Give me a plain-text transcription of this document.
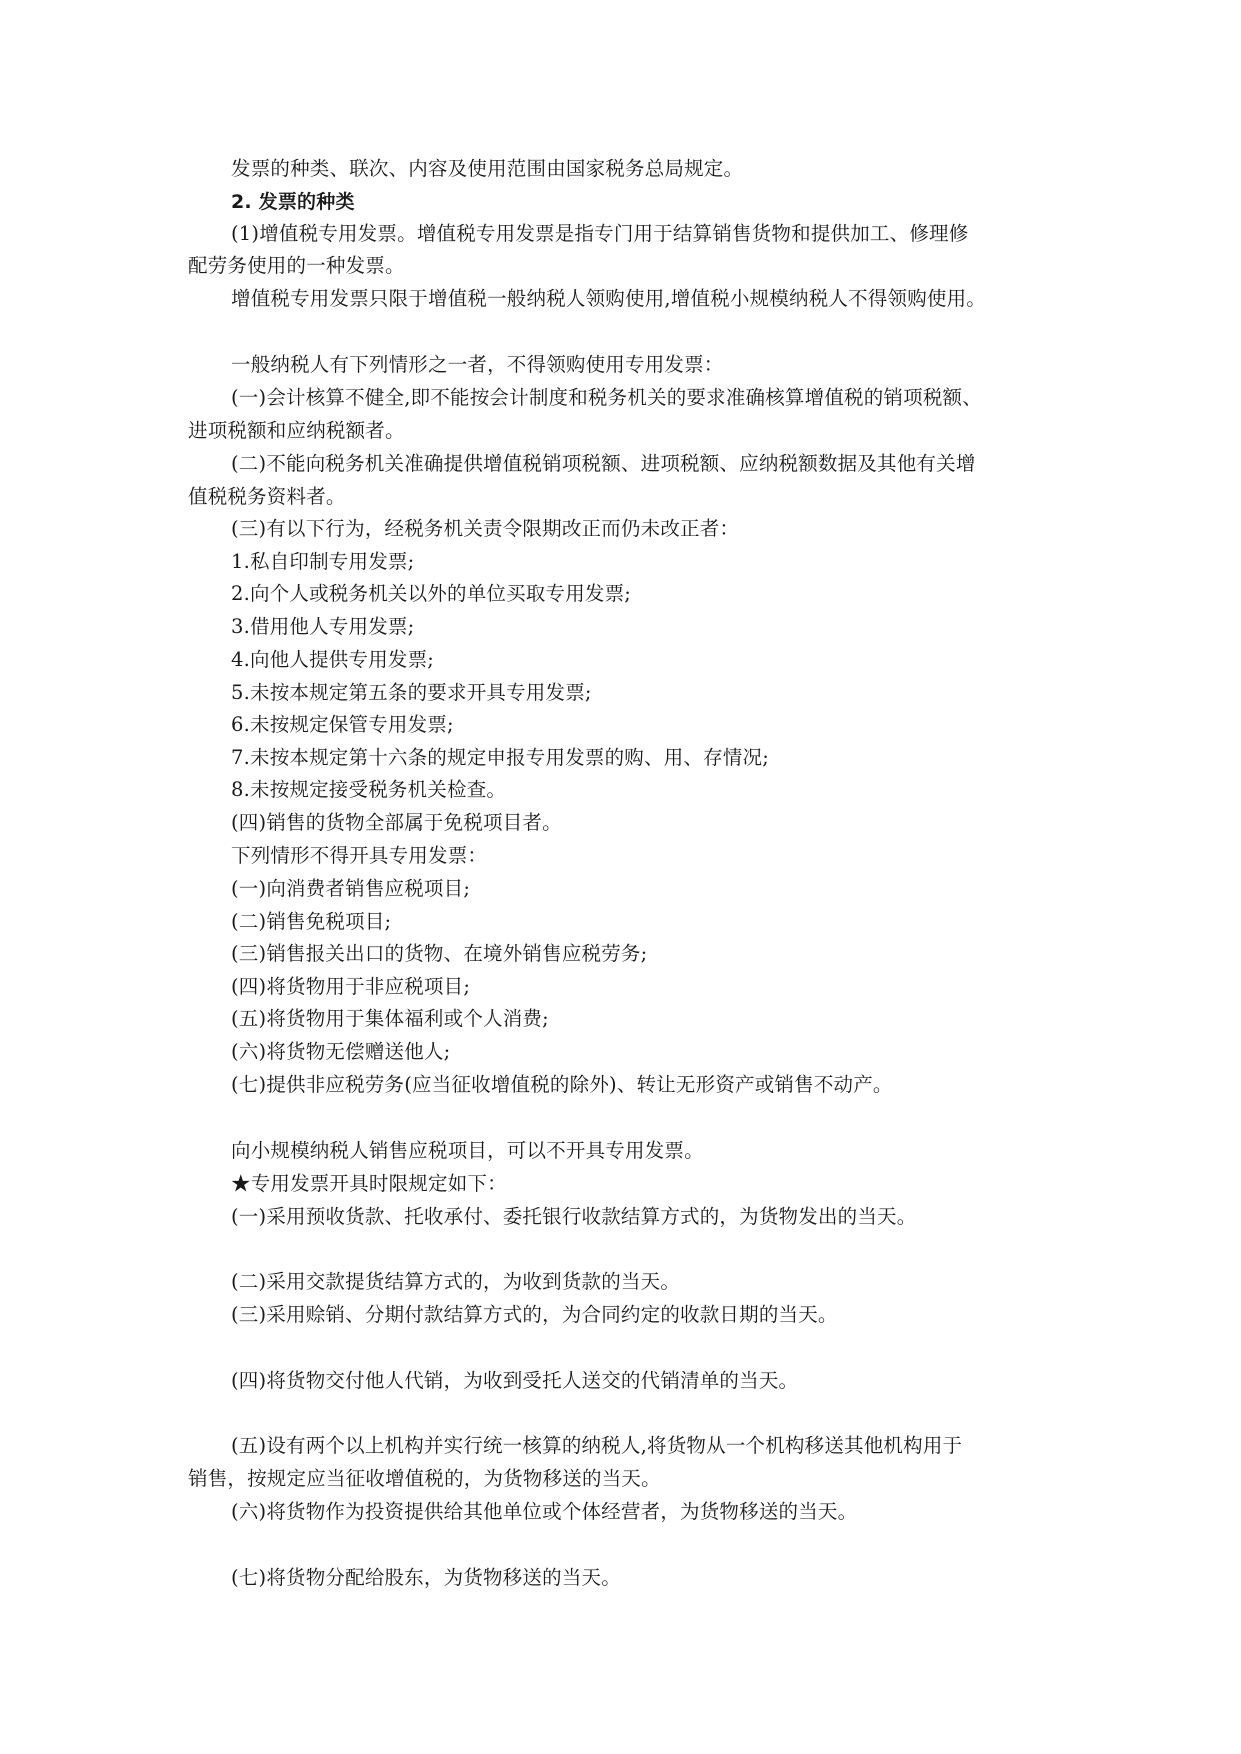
发票的种类、联次、内容及使用范围由国家税务总局规定。
2. 发票的种类
(1)增值税专用发票。增值税专用发票是指专门用于结算销售货物和提供加工、修理修
配劳务使用的一种发票。
增值税专用发票只限于增值税一般纳税人领购使用,增值税小规模纳税人不得领购使用。
一般纳税人有下列情形之一者，不得领购使用专用发票：
(一)会计核算不健全,即不能按会计制度和税务机关的要求准确核算增值税的销项税额、
进项税额和应纳税额者。
(二)不能向税务机关准确提供增值税销项税额、进项税额、应纳税额数据及其他有关增
值税税务资料者。
(三)有以下行为，经税务机关责令限期改正而仍未改正者：
1.私自印制专用发票;
2.向个人或税务机关以外的单位买取专用发票;
3.借用他人专用发票;
4.向他人提供专用发票;
5.未按本规定第五条的要求开具专用发票;
6.未按规定保管专用发票;
7.未按本规定第十六条的规定申报专用发票的购、用、存情况;
8.未按规定接受税务机关检查。
(四)销售的货物全部属于免税项目者。
下列情形不得开具专用发票：
(一)向消费者销售应税项目;
(二)销售免税项目;
(三)销售报关出口的货物、在境外销售应税劳务;
(四)将货物用于非应税项目;
(五)将货物用于集体福利或个人消费;
(六)将货物无偿赠送他人;
(七)提供非应税劳务(应当征收增值税的除外)、转让无形资产或销售不动产。
向小规模纳税人销售应税项目，可以不开具专用发票。
★专用发票开具时限规定如下：
(一)采用预收货款、托收承付、委托银行收款结算方式的，为货物发出的当天。
(二)采用交款提货结算方式的，为收到货款的当天。
(三)采用赊销、分期付款结算方式的，为合同约定的收款日期的当天。
(四)将货物交付他人代销，为收到受托人送交的代销清单的当天。
(五)设有两个以上机构并实行统一核算的纳税人,将货物从一个机构移送其他机构用于
销售，按规定应当征收增值税的，为货物移送的当天。
(六)将货物作为投资提供给其他单位或个体经营者，为货物移送的当天。
(七)将货物分配给股东，为货物移送的当天。
